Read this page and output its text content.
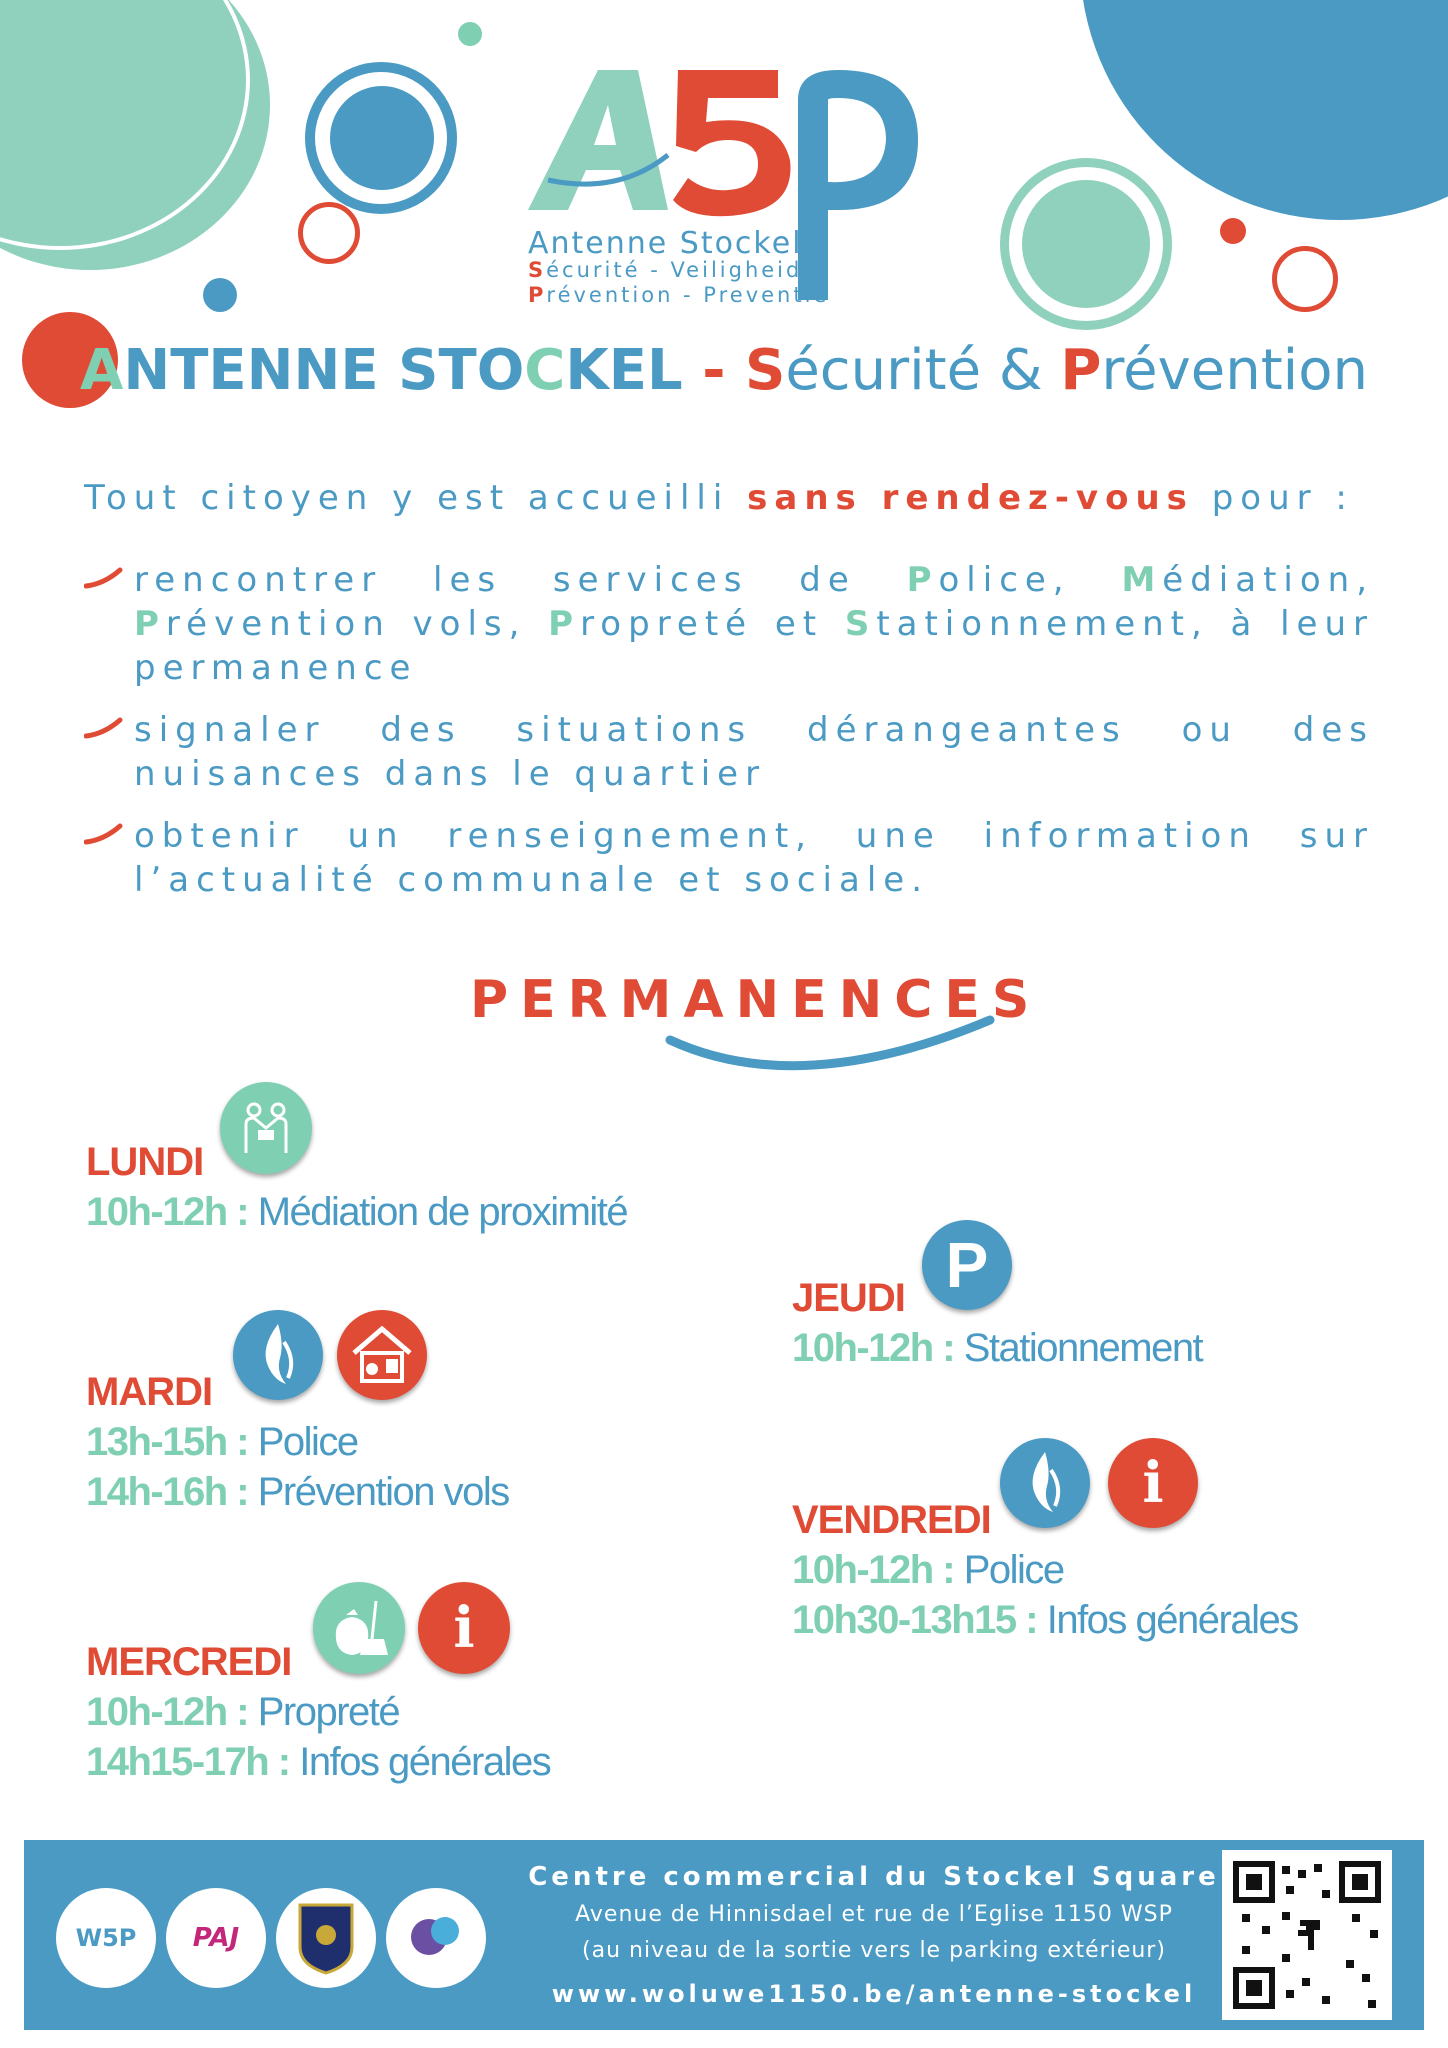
Antenne Stockel
Sécurité - Veiligheid
Prévention - Preventie
ANTENNE STOCKEL - Sécurité & Prévention
Tout citoyen y est accueilli sans rendez-vous pour :
rencontrer les services de Police, Médiation, Prévention vols, Propreté et Stationnement, à leur permanence
signaler des situations dérangeantes ou des nuisances dans le quartier
obtenir un renseignement, une information sur l’actualité communale et sociale.
PERMANENCES
LUNDI
10h-12h : Médiation de proximité
MARDI
13h-15h : Police
14h-16h : Prévention vols
i
MERCREDI
10h-12h : Propreté
14h15-17h : Infos générales
P
JEUDI
10h-12h : Stationnement
i
VENDREDI
10h-12h : Police
10h30-13h15 : Infos générales
W5P	PAJ
Centre commercial du Stockel Square
Avenue de Hinnisdael et rue de l’Eglise 1150 WSP
(au niveau de la sortie vers le parking extérieur)
www.woluwe1150.be/antenne-stockel
